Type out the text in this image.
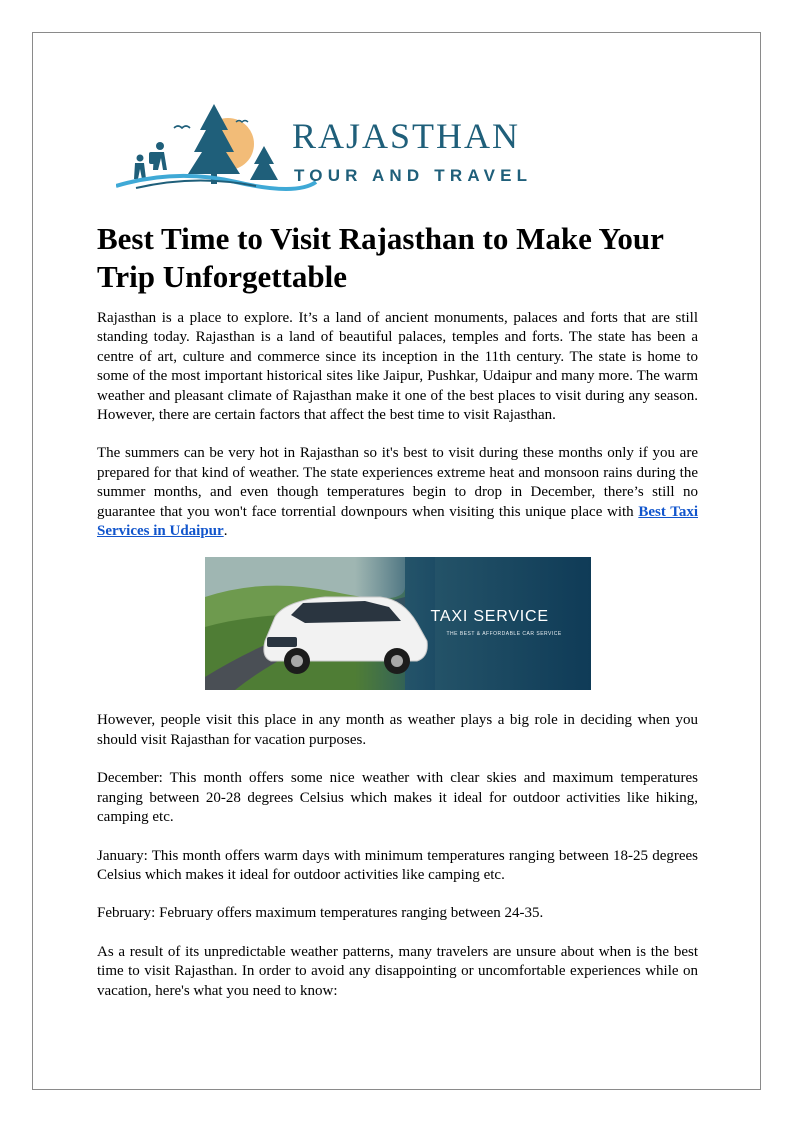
RAJASTHAN
TOUR AND TRAVEL
Best Time to Visit Rajasthan to Make Your Trip Unforgettable

Rajasthan is a place to explore. It’s a land of ancient monuments, palaces and forts that are still standing today. Rajasthan is a land of beautiful palaces, temples and forts. The state has been a centre of art, culture and commerce since its inception in the 11th century. The state is home to some of the most important historical sites like Jaipur, Pushkar, Udaipur and many more. The warm weather and pleasant climate of Rajasthan make it one of the best places to visit during any season. However, there are certain factors that affect the best time to visit Rajasthan.

The summers can be very hot in Rajasthan so it's best to visit during these months only if you are prepared for that kind of weather. The state experiences extreme heat and monsoon rains during the summer months, and even though temperatures begin to drop in December, there’s still no guarantee that you won't face torrential downpours when visiting this unique place with Best Taxi Services in Udaipur.

TAXI SERVICE
THE BEST & AFFORDABLE CAR SERVICE

However, people visit this place in any month as weather plays a big role in deciding when you should visit Rajasthan for vacation purposes.

December: This month offers some nice weather with clear skies and maximum temperatures ranging between 20-28 degrees Celsius which makes it ideal for outdoor activities like hiking, camping etc.

January: This month offers warm days with minimum temperatures ranging between 18-25 degrees Celsius which makes it ideal for outdoor activities like camping etc.

February: February offers maximum temperatures ranging between 24-35.

As a result of its unpredictable weather patterns, many travelers are unsure about when is the best time to visit Rajasthan. In order to avoid any disappointing or uncomfortable experiences while on vacation, here's what you need to know:
